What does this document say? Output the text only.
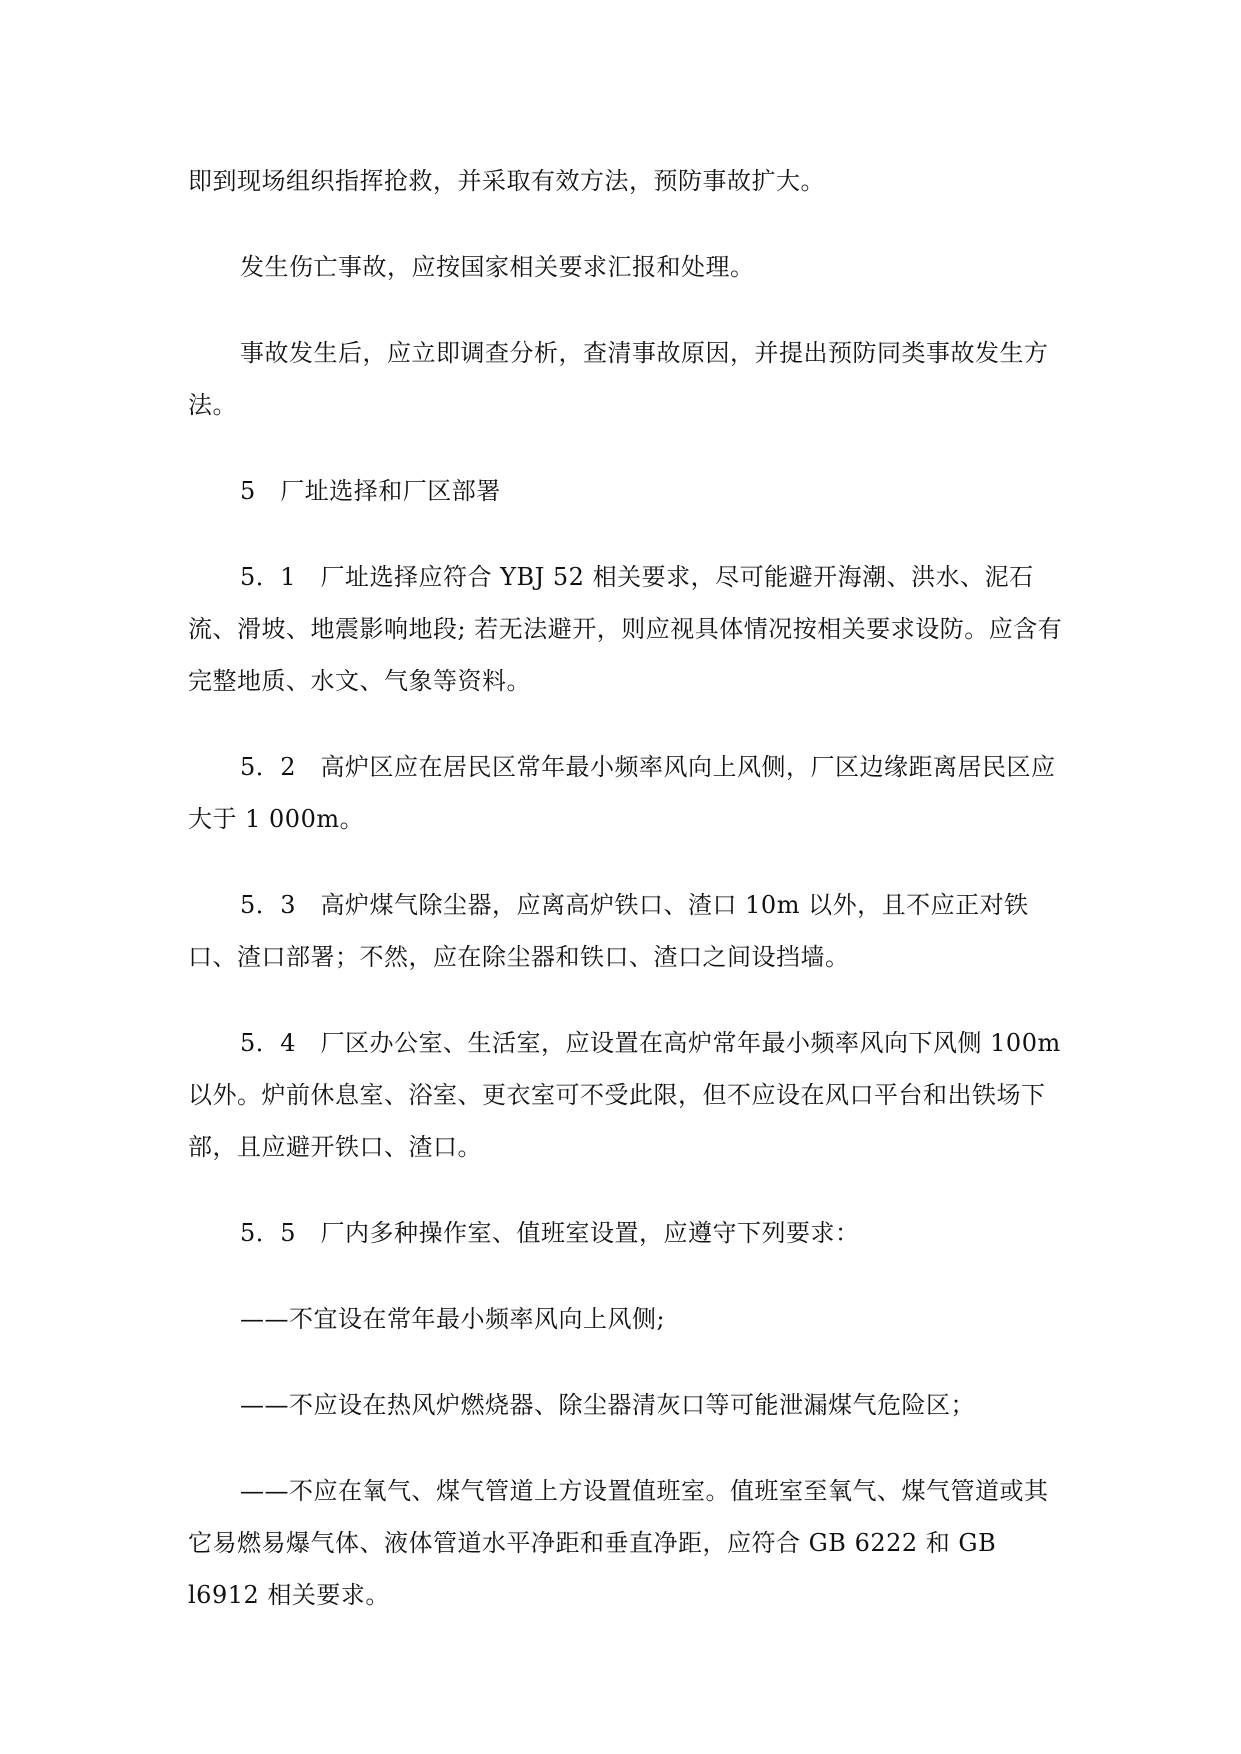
即到现场组织指挥抢救，并采取有效方法，预防事故扩大。

发生伤亡事故，应按国家相关要求汇报和处理。

事故发生后，应立即调查分析，查清事故原因，并提出预防同类事故发生方法。

5　厂址选择和厂区部署

5．1　厂址选择应符合 YBJ 52 相关要求，尽可能避开海潮、洪水、泥石流、滑坡、地震影响地段; 若无法避开，则应视具体情况按相关要求设防。应含有完整地质、水文、气象等资料。

5．2　高炉区应在居民区常年最小频率风向上风侧，厂区边缘距离居民区应大于 1 000m。

5．3　高炉煤气除尘器，应离高炉铁口、渣口 10m 以外，且不应正对铁口、渣口部署；不然，应在除尘器和铁口、渣口之间设挡墙。

5．4　厂区办公室、生活室，应设置在高炉常年最小频率风向下风侧 100m 以外。炉前休息室、浴室、更衣室可不受此限，但不应设在风口平台和出铁场下部，且应避开铁口、渣口。

5．5　厂内多种操作室、值班室设置，应遵守下列要求：

——不宜设在常年最小频率风向上风侧;

——不应设在热风炉燃烧器、除尘器清灰口等可能泄漏煤气危险区；

——不应在氧气、煤气管道上方设置值班室。值班室至氧气、煤气管道或其它易燃易爆气体、液体管道水平净距和垂直净距，应符合 GB 6222 和 GB l6912 相关要求。
